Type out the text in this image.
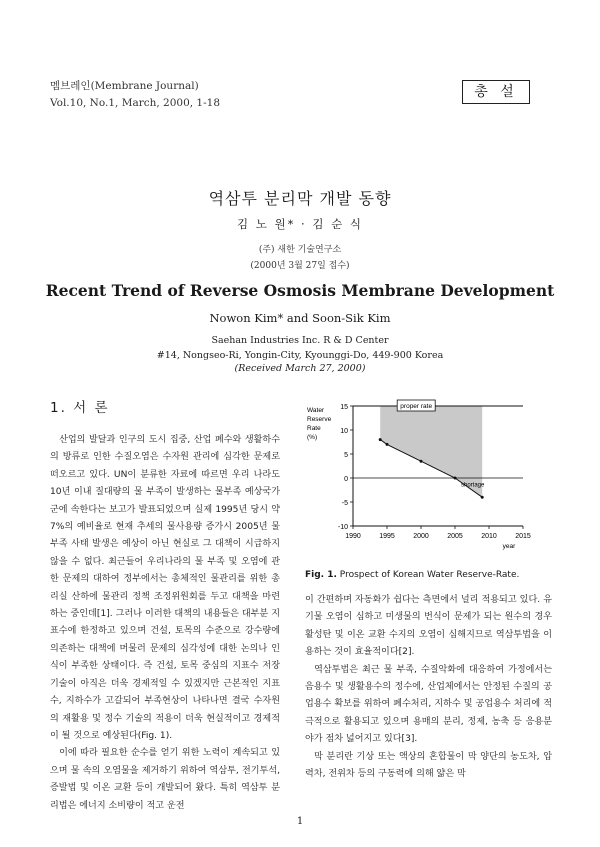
멤브레인(Membrane Journal)
Vol.10, No.1, March, 2000, 1-18
총 설
역삼투 분리막 개발 동향
김 노 원* · 김 순 식
(주) 새한 기술연구소
(2000년 3월 27일 접수)
Recent Trend of Reverse Osmosis Membrane Development
Nowon Kim* and Soon-Sik Kim
Saehan Industries Inc. R & D Center
#14, Nongseo-Ri, Yongin-City, Kyounggi-Do, 449-900 Korea
(Received March 27, 2000)
1. 서 론

산업의 발달과 인구의 도시 집중, 산업 폐수와 생활하수의 방류로 인한 수질오염은 수자원 관리에 심각한 문제로 떠오르고 있다. UN이 분류한 자료에 따르면 우리 나라도 10년 이내 질대량의 물 부족이 발생하는 물부족 예상국가군에 속한다는 보고가 발표되었으며 실제 1995년 당시 약 7%의 예비율로 현재 추세의 물사용량 증가시 2005년 물부족 사태 발생은 예상이 아닌 현실로 그 대책이 시급하지 않을 수 없다. 최근들어 우리나라의 물 부족 및 오염에 관한 문제의 대하여 정부에서는 총체적인 물관리를 위한 총리실 산하에 물관리 정책 조정위원회를 두고 대책을 마련하는 중인데[1]. 그러나 이러한 대책의 내용들은 대부분 지표수에 한정하고 있으며 건설, 토목의 수준으로 강수량에 의존하는 대책에 머물러 문제의 심각성에 대한 논의나 인식이 부족한 상태이다. 즉 건설, 토목 중심의 지표수 저장 기술이 아직은 더욱 경제적일 수 있겠지만 근본적인 지표수, 지하수가 고갈되어 부족현상이 나타나면 결국 수자원의 재활용 및 정수 기술의 적용이 더욱 현실적이고 경제적이 될 것으로 예상된다(Fig. 1).

이에 따라 필요한 순수를 얻기 위한 노력이 계속되고 있으며 물 속의 오염물을 제거하기 위하여 역삼투, 전기투석, 증발법 및 이온 교환 등이 개발되어 왔다. 특히 역삼투 분리법은 에너지 소비량이 적고 운전

-10
-5
0
5
10
15
1990	1995	2000	2005	2010	2015
Water
Reserve
Rate
(%)
year
proper rate
shortage
Fig. 1. Prospect of Korean Water Reserve-Rate.

이 간편하며 자동화가 쉽다는 측면에서 널리 적용되고 있다. 유기물 오염이 심하고 미생물의 번식이 문제가 되는 원수의 경우 활성탄 및 이온 교환 수지의 오염이 심해지므로 역삼투법을 이용하는 것이 효율적이다[2].

역삼투법은 최근 물 부족, 수질악화에 대응하여 가정에서는 음용수 및 생활용수의 정수에, 산업체에서는 안정된 수질의 공업용수 확보를 위하여 폐수처리, 지하수 및 공업용수 처리에 적극적으로 활용되고 있으며 용매의 분리, 정제, 농축 등 응용분야가 점차 넓어지고 있다[3].

막 분리란 기상 또는 액상의 혼합물이 막 양단의 농도차, 압력차, 전위차 등의 구동력에 의해 얇은 막

1
